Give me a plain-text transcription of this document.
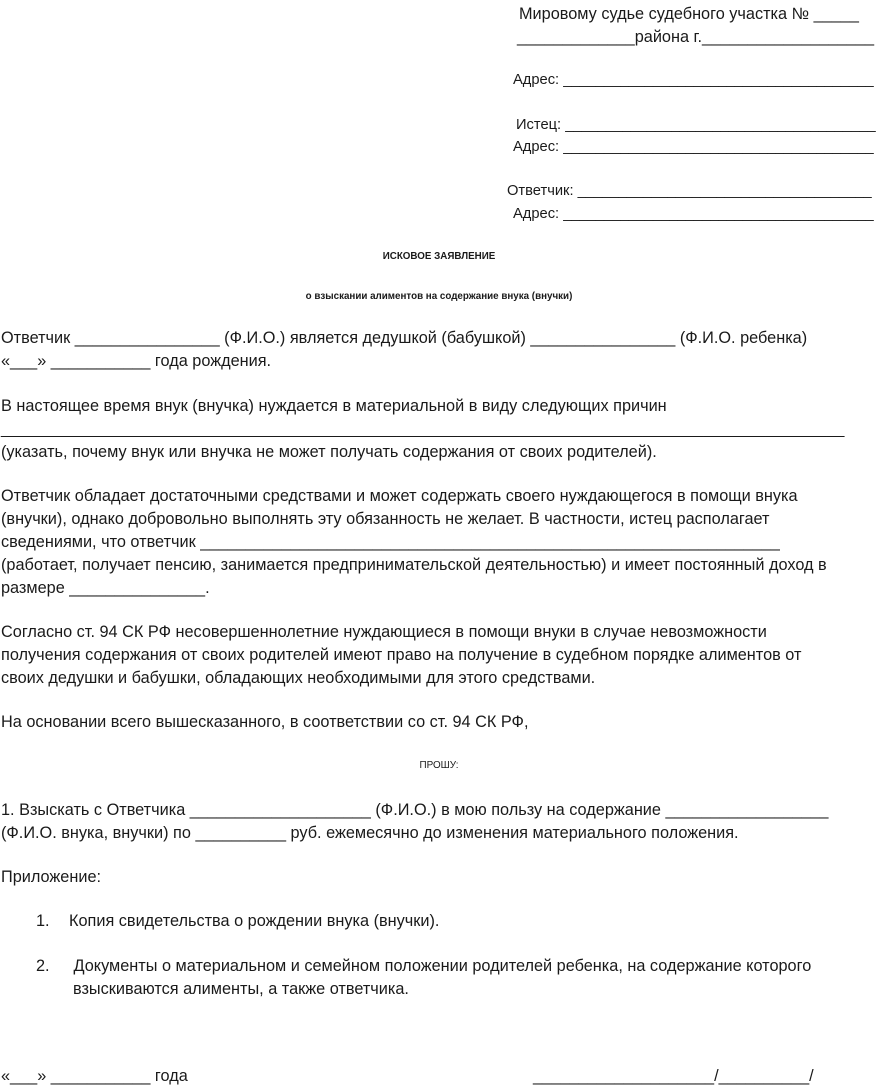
Мировому судье судебного участка № _____

_____________района г.___________________

Адрес: ______________________________________

Истец: ______________________________________

Адрес: ______________________________________

Ответчик: ____________________________________

Адрес: ______________________________________

ИСКОВОЕ ЗАЯВЛЕНИЕ

о взыскании алиментов на содержание внука (внучки)

Ответчик ________________ (Ф.И.О.) является дедушкой (бабушкой) ________________ (Ф.И.О. ребенка)

«___» ___________ года рождения.

В настоящее время внук (внучка) нуждается в материальной в виду следующих причин

________________________________________________________________________________________________

(указать, почему внук или внучка не может получать содержания от своих родителей).

Ответчик обладает достаточными средствами и может содержать своего нуждающегося в помощи внука

(внучки), однако добровольно выполнять эту обязанность не желает. В частности, истец располагает

сведениями, что ответчик ________________________________________________________________

(работает, получает пенсию, занимается предпринимательской деятельностью) и имеет постоянный доход в

размере _______________.

Согласно ст. 94 СК РФ несовершеннолетние нуждающиеся в помощи внуки в случае невозможности

получения содержания от своих родителей имеют право на получение в судебном порядке алиментов от

своих дедушки и бабушки, обладающих необходимыми для этого средствами.

На основании всего вышесказанного, в соответствии со ст. 94 СК РФ,

ПРОШУ:

1. Взыскать с Ответчика ____________________ (Ф.И.О.) в мою пользу на содержание __________________

(Ф.И.О. внука, внучки) по __________ руб. ежемесячно до изменения материального положения.

Приложение:

1. Копия свидетельства о рождении внука (внучки).

2. Документы о материальном и семейном положении родителей ребенка, на содержание которого

взыскиваются алименты, а также ответчика.

«___» ___________ года	____________________/__________/
